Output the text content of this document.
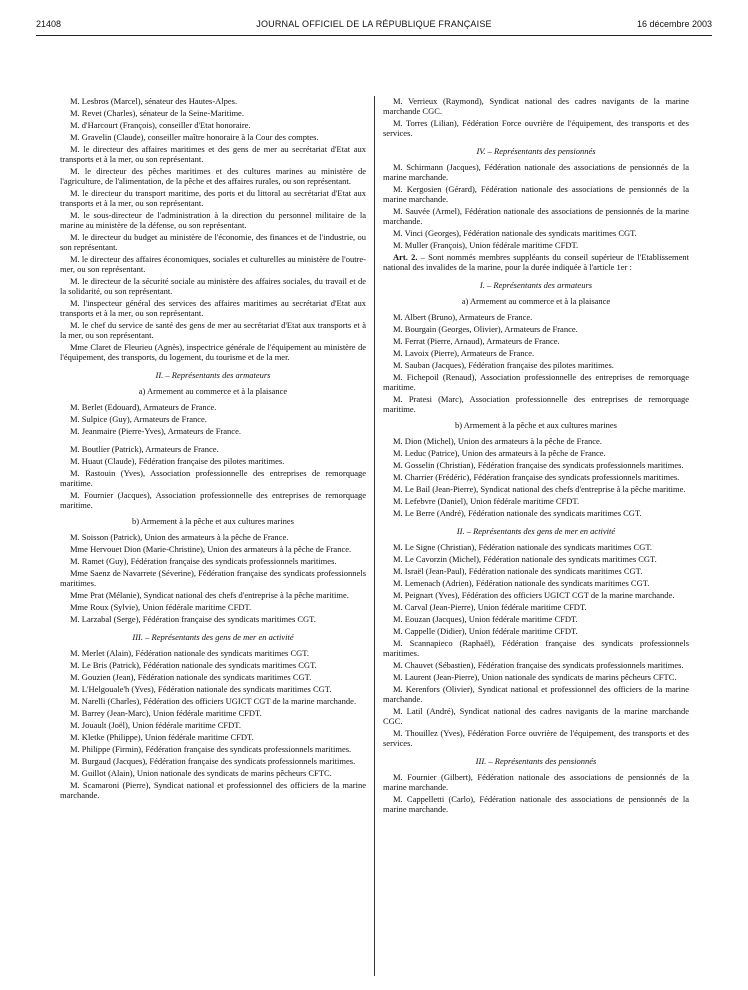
21408	JOURNAL OFFICIEL DE LA RÉPUBLIQUE FRANÇAISE	16 décembre 2003

M. Lesbros (Marcel), sénateur des Hautes-Alpes.

M. Revet (Charles), sénateur de la Seine-Maritime.

M. d'Harcourt (François), conseiller d'Etat honoraire.

M. Gravelin (Claude), conseiller maître honoraire à la Cour des comptes.

M. le directeur des affaires maritimes et des gens de mer au secrétariat d'Etat aux transports et à la mer, ou son représentant.

M. le directeur des pêches maritimes et des cultures marines au ministère de l'agriculture, de l'alimentation, de la pêche et des affaires rurales, ou son représentant.

M. le directeur du transport maritime, des ports et du littoral au secrétariat d'Etat aux transports et à la mer, ou son représentant.

M. le sous-directeur de l'administration à la direction du personnel militaire de la marine au ministère de la défense, ou son représentant.

M. le directeur du budget au ministère de l'économie, des finances et de l'industrie, ou son représentant.

M. le directeur des affaires économiques, sociales et culturelles au ministère de l'outre-mer, ou son représentant.

M. le directeur de la sécurité sociale au ministère des affaires sociales, du travail et de la solidarité, ou son représentant.

M. l'inspecteur général des services des affaires maritimes au secrétariat d'Etat aux transports et à la mer, ou son représentant.

M. le chef du service de santé des gens de mer au secrétariat d'Etat aux transports et à la mer, ou son représentant.

Mme Claret de Fleurieu (Agnès), inspectrice générale de l'équipement au ministère de l'équipement, des transports, du logement, du tourisme et de la mer.

II. – Représentants des armateurs
a) Armement au commerce et à la plaisance

M. Berlet (Edouard), Armateurs de France.

M. Sulpice (Guy), Armateurs de France.

M. Jeanmaire (Pierre-Yves), Armateurs de France.

M. Boutlier (Patrick), Armateurs de France.

M. Huaut (Claude), Fédération française des pilotes maritimes.

M. Rastouin (Yves), Association professionnelle des entreprises de remorquage maritime.

M. Fournier (Jacques), Association professionnelle des entreprises de remorquage maritime.

b) Armement à la pêche et aux cultures marines

M. Soisson (Patrick), Union des armateurs à la pêche de France.

Mme Hervouet Dion (Marie-Christine), Union des armateurs à la pêche de France.

M. Ramet (Guy), Fédération française des syndicats professionnels maritimes.

Mme Saenz de Navarrete (Séverine), Fédération française des syndicats professionnels maritimes.

Mme Prat (Mélanie), Syndicat national des chefs d'entreprise à la pêche maritime.

Mme Roux (Sylvie), Union fédérale maritime CFDT.

M. Larzabal (Serge), Fédération française des syndicats maritimes CGT.

III. – Représentants des gens de mer en activité

M. Merlet (Alain), Fédération nationale des syndicats maritimes CGT.

M. Le Bris (Patrick), Fédération nationale des syndicats maritimes CGT.

M. Gouzien (Jean), Fédération nationale des syndicats maritimes CGT.

M. L'Helgouale'h (Yves), Fédération nationale des syndicats maritimes CGT.

M. Narelli (Charles), Fédération des officiers UGICT CGT de la marine marchande.

M. Barrey (Jean-Marc), Union fédérale maritime CFDT.

M. Jouault (Joël), Union fédérale maritime CFDT.

M. Kletke (Philippe), Union fédérale maritime CFDT.

M. Philippe (Firmin), Fédération française des syndicats professionnels maritimes.

M. Burgaud (Jacques), Fédération française des syndicats professionnels maritimes.

M. Guillot (Alain), Union nationale des syndicats de marins pêcheurs CFTC.

M. Scamaroni (Pierre), Syndicat national et professionnel des officiers de la marine marchande.

M. Verrieux (Raymond), Syndicat national des cadres navigants de la marine marchande CGC.

M. Torres (Lilian), Fédération Force ouvrière de l'équipement, des transports et des services.

IV. – Représentants des pensionnés

M. Schirmann (Jacques), Fédération nationale des associations de pensionnés de la marine marchande.

M. Kergosien (Gérard), Fédération nationale des associations de pensionnés de la marine marchande.

M. Sauvée (Armel), Fédération nationale des associations de pensionnés de la marine marchande.

M. Vinci (Georges), Fédération nationale des syndicats maritimes CGT.

M. Muller (François), Union fédérale maritime CFDT.

Art. 2. – Sont nommés membres suppléants du conseil supérieur de l'Etablissement national des invalides de la marine, pour la durée indiquée à l'article 1er :

I. – Représentants des armateurs
a) Armement au commerce et à la plaisance

M. Albert (Bruno), Armateurs de France.

M. Bourgain (Georges, Olivier), Armateurs de France.

M. Ferrat (Pierre, Arnaud), Armateurs de France.

M. Lavoix (Pierre), Armateurs de France.

M. Sauban (Jacques), Fédération française des pilotes maritimes.

M. Fichepoil (Renaud), Association professionnelle des entreprises de remorquage maritime.

M. Pratesi (Marc), Association professionnelle des entreprises de remorquage maritime.

b) Armement à la pêche et aux cultures marines

M. Dion (Michel), Union des armateurs à la pêche de France.

M. Leduc (Patrice), Union des armateurs à la pêche de France.

M. Gosselin (Christian), Fédération française des syndicats professionnels maritimes.

M. Charrier (Frédéric), Fédération française des syndicats professionnels maritimes.

M. Le Bail (Jean-Pierre), Syndicat national des chefs d'entreprise à la pêche maritime.

M. Lefebvre (Daniel), Union fédérale maritime CFDT.

M. Le Berre (André), Fédération nationale des syndicats maritimes CGT.

II. – Représentants des gens de mer en activité

M. Le Signe (Christian), Fédération nationale des syndicats maritimes CGT.

M. Le Cavorzin (Michel), Fédération nationale des syndicats maritimes CGT.

M. Israël (Jean-Paul), Fédération nationale des syndicats maritimes CGT.

M. Lemenach (Adrien), Fédération nationale des syndicats maritimes CGT.

M. Peignart (Yves), Fédération des officiers UGICT CGT de la marine marchande.

M. Carval (Jean-Pierre), Union fédérale maritime CFDT.

M. Eouzan (Jacques), Union fédérale maritime CFDT.

M. Cappelle (Didier), Union fédérale maritime CFDT.

M. Scannapieco (Raphaël), Fédération française des syndicats professionnels maritimes.

M. Chauvet (Sébastien), Fédération française des syndicats professionnels maritimes.

M. Laurent (Jean-Pierre), Union nationale des syndicats de marins pêcheurs CFTC.

M. Kerenfors (Olivier), Syndicat national et professionnel des officiers de la marine marchande.

M. Latil (André), Syndicat national des cadres navigants de la marine marchande CGC.

M. Thouillez (Yves), Fédération Force ouvrière de l'équipement, des transports et des services.

III. – Représentants des pensionnés

M. Fournier (Gilbert), Fédération nationale des associations de pensionnés de la marine marchande.

M. Cappelletti (Carlo), Fédération nationale des associations de pensionnés de la marine marchande.
